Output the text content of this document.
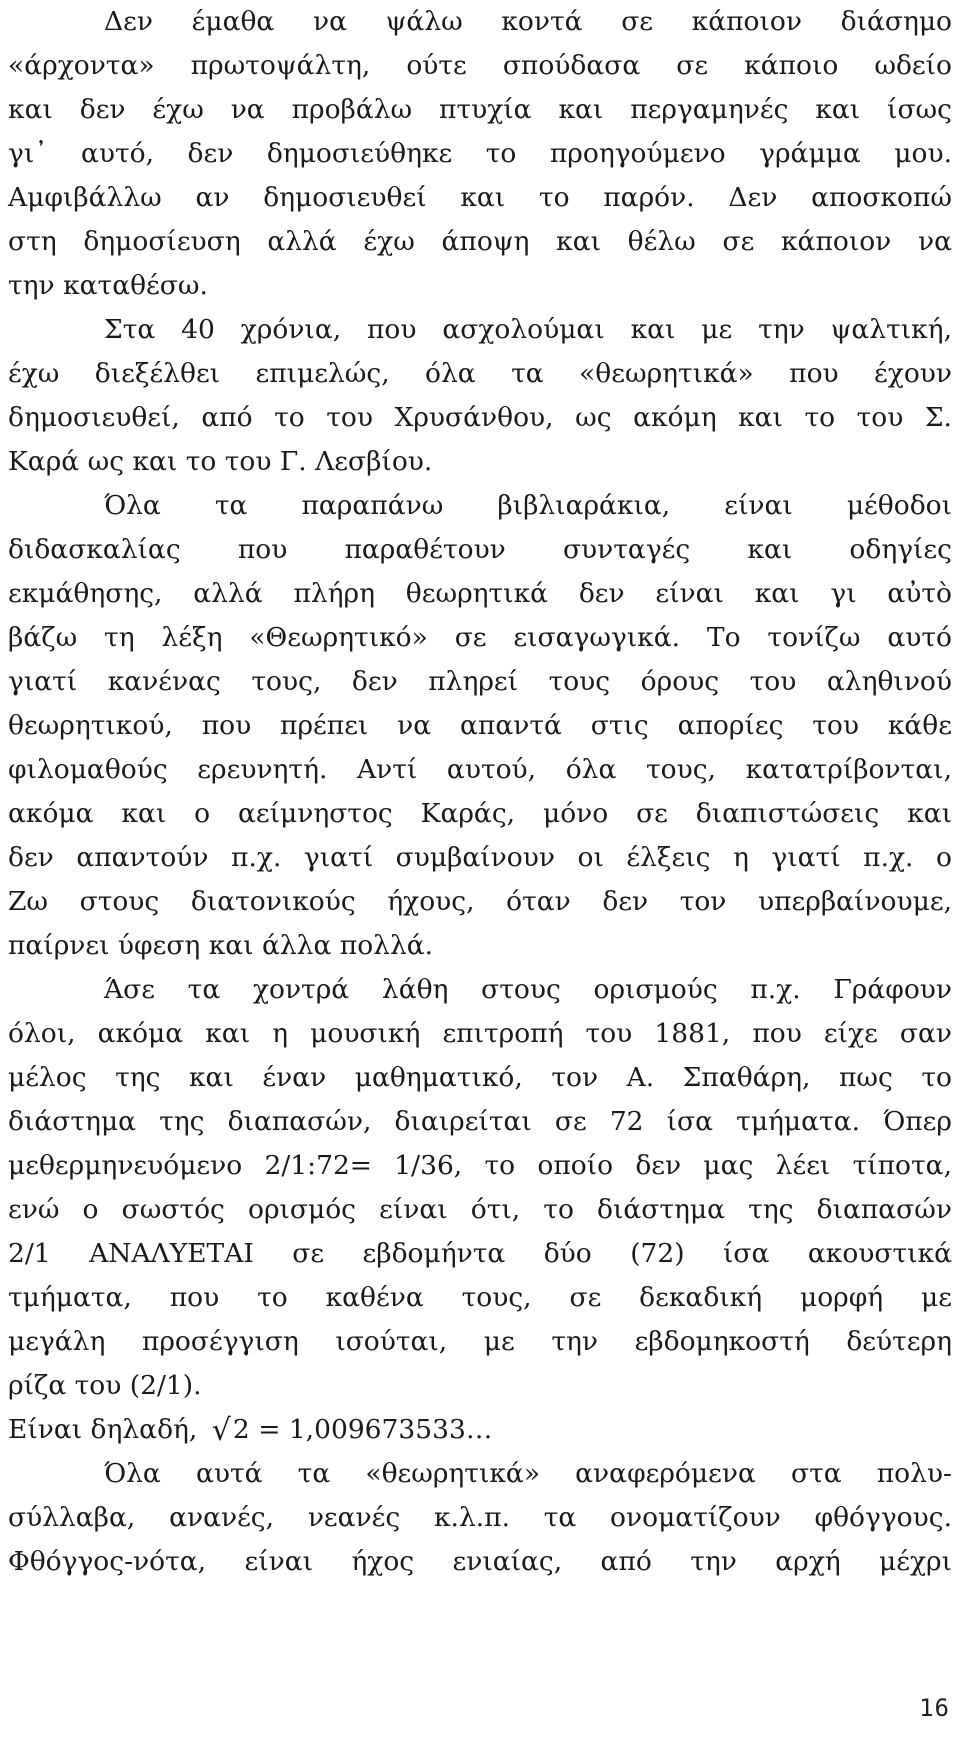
Δεν έμαθα να ψάλω κοντά σε κάποιον διάσημο
«άρχοντα» πρωτοψάλτη, ούτε σπούδασα σε κάποιο ωδείο
και δεν έχω να προβάλω πτυχία και περγαμηνές και ίσως
γι᾽ αυτό, δεν δημοσιεύθηκε το προηγούμενο γράμμα μου.
Αμφιβάλλω αν δημοσιευθεί και το παρόν. Δεν αποσκοπώ
στη δημοσίευση αλλά έχω άποψη και θέλω σε κάποιον να
την καταθέσω.
Στα 40 χρόνια, που ασχολούμαι και με την ψαλτική,
έχω διεξέλθει επιμελώς, όλα τα «θεωρητικά» που έχουν
δημοσιευθεί, από το του Χρυσάνθου, ως ακόμη και το του Σ.
Καρά ως και το του Γ. Λεσβίου.
Όλα τα παραπάνω βιβλιαράκια, είναι μέθοδοι
διδασκαλίας που παραθέτουν συνταγές και οδηγίες
εκμάθησης, αλλά πλήρη θεωρητικά δεν είναι και γι αὐτὸ
βάζω τη λέξη «Θεωρητικό» σε εισαγωγικά. Το τονίζω αυτό
γιατί κανένας τους, δεν πληρεί τους όρους του αληθινού
θεωρητικού, που πρέπει να απαντά στις απορίες του κάθε
φιλομαθούς ερευνητή. Αντί αυτού, όλα τους, κατατρίβονται,
ακόμα και ο αείμνηστος Καράς, μόνο σε διαπιστώσεις και
δεν απαντούν π.χ. γιατί συμβαίνουν οι έλξεις η γιατί π.χ. ο
Ζω στους διατονικούς ήχους, όταν δεν τον υπερβαίνουμε,
παίρνει ύφεση και άλλα πολλά.
Άσε τα χοντρά λάθη στους ορισμούς π.χ. Γράφουν
όλοι, ακόμα και η μουσική επιτροπή του 1881, που είχε σαν
μέλος της και έναν μαθηματικό, τον Α. Σπαθάρη, πως το
διάστημα της διαπασών, διαιρείται σε 72 ίσα τμήματα. Όπερ
μεθερμηνευόμενο 2/1:72= 1/36, το οποίο δεν μας λέει τίποτα,
ενώ ο σωστός ορισμός είναι ότι, το διάστημα της διαπασών
2/1 ΑΝΑΛΥΕΤΑΙ σε εβδομήντα δύο (72) ίσα ακουστικά
τμήματα, που το καθένα τους, σε δεκαδική μορφή με
μεγάλη προσέγγιση ισούται, με την εβδομηκοστή δεύτερη
ρίζα του (2/1).
Είναι δηλαδή, √2 = 1,009673533…
Όλα αυτά τα «θεωρητικά» αναφερόμενα στα πολυ-
σύλλαβα, ανανές, νεανές κ.λ.π. τα ονοματίζουν φθόγγους.
Φθόγγος-νότα, είναι ήχος ενιαίας, από την αρχή μέχρι
16
